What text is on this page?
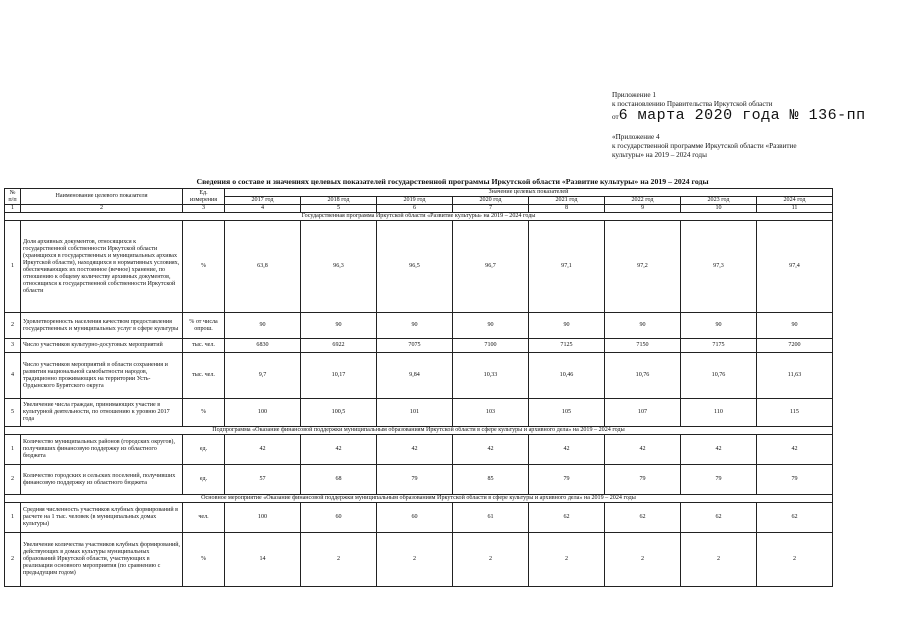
Приложение 1
к постановлению Правительства Иркутской области
от6 марта 2020 года № 136-пп
«Приложение 4
к государственной программе Иркутской области «Развитие
культуры» на 2019 – 2024 годы
Сведения о составе и значениях целевых показателей государственной программы Иркутской области «Развитие культуры» на 2019 – 2024 годы
№ п/п	Наименование целевого показателя	Ед. измерения	Значение целевых показателей							
			2017 год	2018 год	2019 год	2020 год	2021 год	2022 год	2023 год	2024 год
1	2	3	4	5	6	7	8	9	10	11
Государственная программа Иркутской области «Развитие культуры» на 2019 – 2024 годы										
1	Доля архивных документов, относящихся к государственной собственности Иркутской области (хранящихся в государственных и муниципальных архивах Иркутской области), находящихся в нормативных условиях, обеспечивающих их постоянное (вечное) хранение, по отношению к общему количеству архивных документов, относящихся к государственной собственности Иркутской области	%	63,8	96,3	96,5	96,7	97,1	97,2	97,3	97,4
2	Удовлетворенность населения качеством предоставления государственных и муниципальных услуг в сфере культуры	% от числа опрош.	90	90	90	90	90	90	90	90
3	Число участников культурно-досуговых мероприятий	тыс. чел.	6830	6922	7075	7100	7125	7150	7175	7200
4	Число участников мероприятий в области сохранения и развития национальной самобытности народов, традиционно проживающих на территории Усть-Ордынского Бурятского округа	тыс. чел.	9,7	10,17	9,84	10,33	10,46	10,76	10,76	11,63
5	Увеличение числа граждан, принимающих участие в культурной деятельности, по отношению к уровню 2017 года	%	100	100,5	101	103	105	107	110	115
Подпрограмма «Оказание финансовой поддержки муниципальным образованиям Иркутской области в сфере культуры и архивного дела» на 2019 – 2024 годы										
1	Количество муниципальных районов (городских округов), получивших финансовую поддержку из областного бюджета	ед.	42	42	42	42	42	42	42	42
2	Количество городских и сельских поселений, получивших финансовую поддержку из областного бюджета	ед.	57	68	79	85	79	79	79	79
Основное мероприятие «Оказание финансовой поддержки муниципальным образованиям Иркутской области в сфере культуры и архивного дела» на 2019 – 2024 годы										
1	Средняя численность участников клубных формирований в расчете на 1 тыс. человек (в муниципальных домах культуры)	чел.	100	60	60	61	62	62	62	62
2	Увеличение количества участников клубных формирований, действующих в домах культуры муниципальных образований Иркутской области, участвующих в реализации основного мероприятия (по сравнению с предыдущим годом)	%	14	2	2	2	2	2	2	2
